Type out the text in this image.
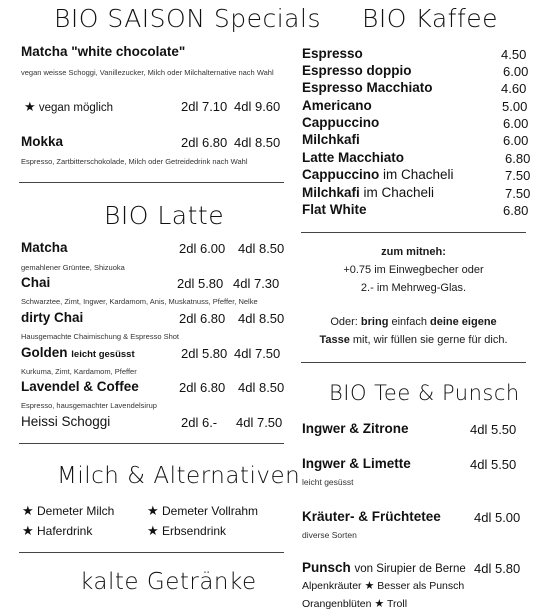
BIO SAISON Specials
Matcha "white chocolate"
vegan weisse Schoggi, Vanillezucker, Milch oder Milchalternative nach Wahl
★ vegan möglich	2dl 7.10 4dl 9.60
Mokka	2dl 6.80 4dl 8.50
Espresso, Zartbitterschokolade, Milch oder Getreidedrink nach Wahl
BIO Latte
Matcha	2dl 6.00 4dl 8.50
gemahlener Grüntee, Shizuoka
Chai	2dl 5.80 4dl 7.30
Schwarztee, Zimt, Ingwer, Kardamom, Anis, Muskatnuss, Pfeffer, Nelke
dirty Chai	2dl 6.80 4dl 8.50
Hausgemachte Chaimischung & Espresso Shot
Golden leicht gesüsst	2dl 5.80 4dl 7.50
Kurkuma, Zimt, Kardamom, Pfeffer
Lavendel & Coffee	2dl 6.80 4dl 8.50
Espresso, hausgemachter Lavendelsirup
Heissi Schoggi	2dl 6.- 4dl 7.50
Milch & Alternativen
★ Demeter Milch	★ Demeter Vollrahm
★ Haferdrink	★ Erbsendrink
kalte Getränke
BIO Kaffee
Espresso	4.50
Espresso doppio	6.00
Espresso Macchiato	4.60
Americano	5.00
Cappuccino	6.00
Milchkafi	6.00
Latte Macchiato	6.80
Cappuccino im Chacheli	7.50
Milchkafi im Chacheli	7.50
Flat White	6.80
zum mitneh:
+0.75 im Einwegbecher oder
2.- im Mehrweg-Glas.
Oder: bring einfach deine eigene
Tasse mit, wir füllen sie gerne für dich.
BIO Tee & Punsch
Ingwer & Zitrone	4dl 5.50
Ingwer & Limette	4dl 5.50
leicht gesüsst
Kräuter- & Früchtetee	4dl 5.00
diverse Sorten
Punsch von Sirupier de Berne 4dl 5.80
Alpenkräuter ★ Besser als Punsch
Orangenblüten ★ Troll
